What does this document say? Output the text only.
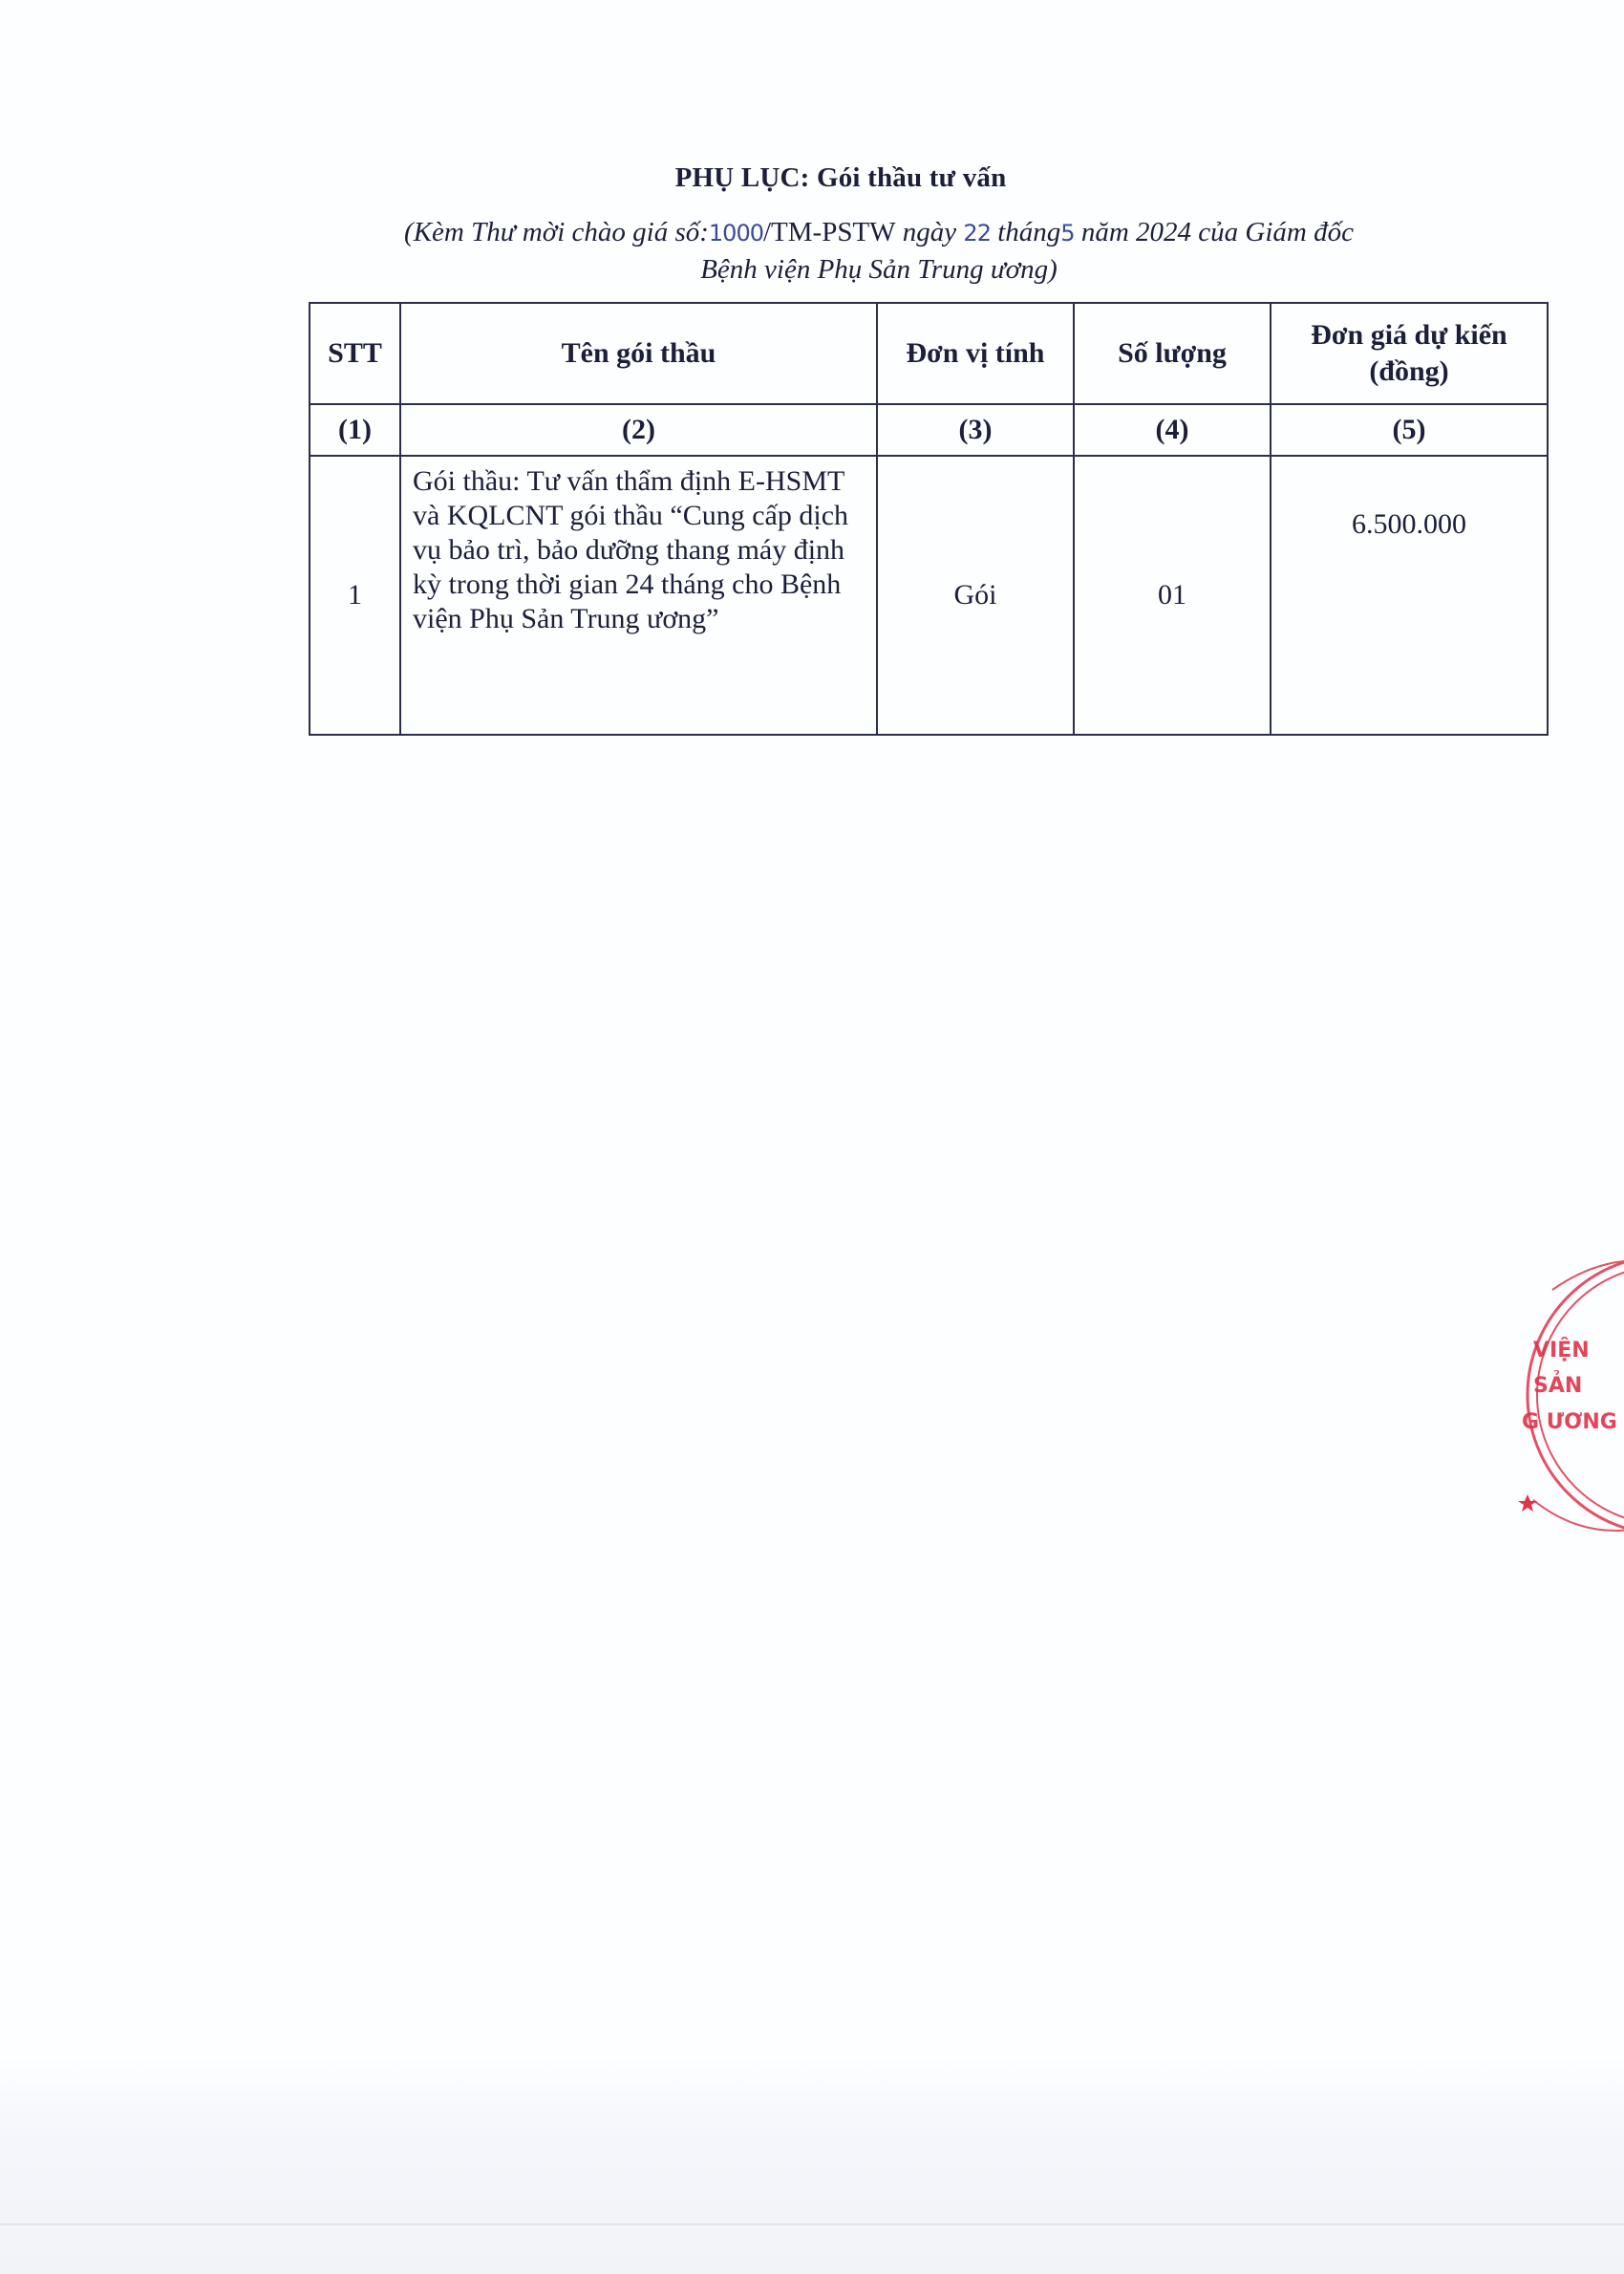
PHỤ LỤC: Gói thầu tư vấn
(Kèm Thư mời chào giá số:1000/TM-PSTW ngày 22 tháng5 năm 2024 của Giám đốc
Bệnh viện Phụ Sản Trung ương)
STT	Tên gói thầu	Đơn vị tính	Số lượng	Đơn giá dự kiến (đồng)
(1)	(2)	(3)	(4)	(5)
1	Gói thầu: Tư vấn thẩm định E-HSMT và KQLCNT gói thầu “Cung cấp dịch vụ bảo trì, bảo dưỡng thang máy định kỳ trong thời gian 24 tháng cho Bệnh viện Phụ Sản Trung ương”	Gói	01	6.500.000
VIỆN
SẢN
G ƯƠNG
